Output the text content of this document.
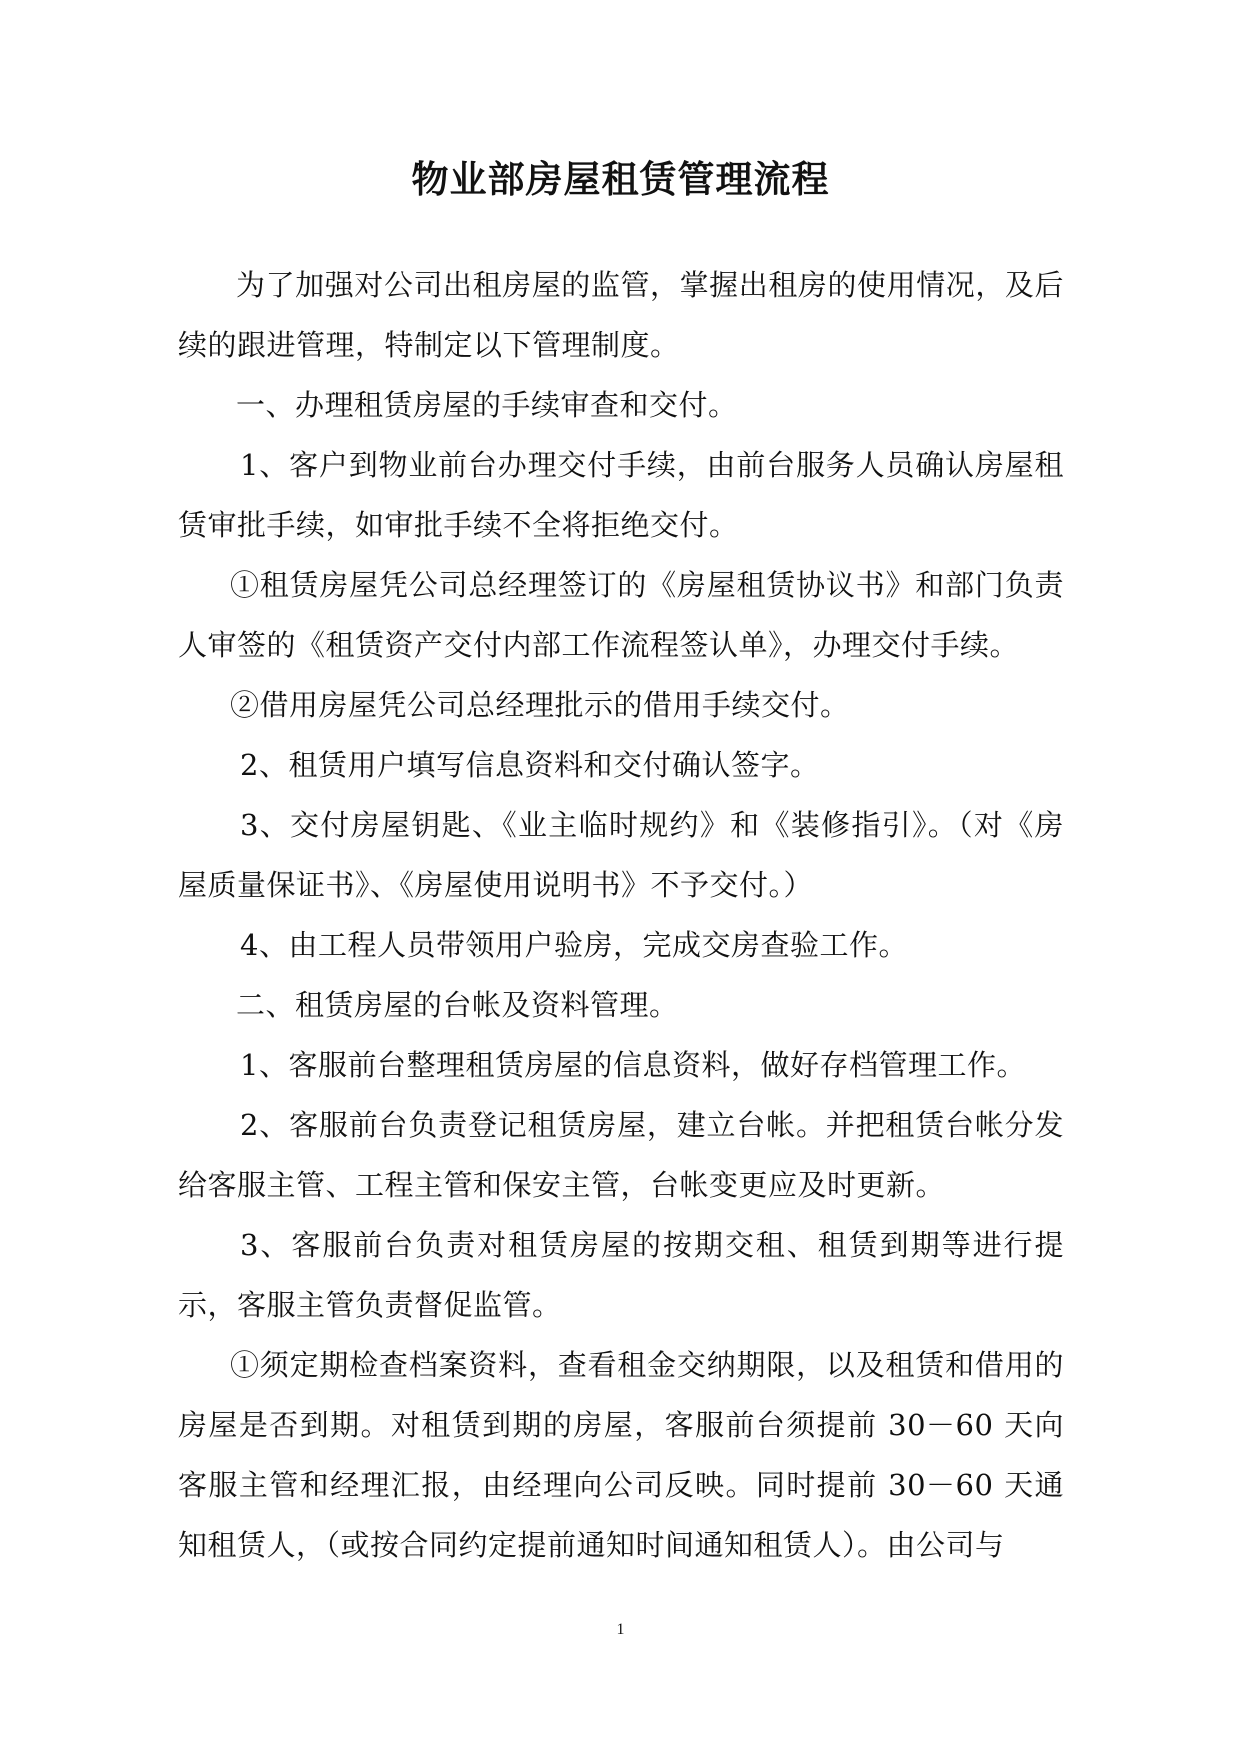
物业部房屋租赁管理流程

为了加强对公司出租房屋的监管，掌握出租房的使用情况，及后续的跟进管理，特制定以下管理制度。

一、办理租赁房屋的手续审查和交付。

1、客户到物业前台办理交付手续，由前台服务人员确认房屋租赁审批手续，如审批手续不全将拒绝交付。

①租赁房屋凭公司总经理签订的《房屋租赁协议书》和部门负责人审签的《租赁资产交付内部工作流程签认单》，办理交付手续。

②借用房屋凭公司总经理批示的借用手续交付。

2、租赁用户填写信息资料和交付确认签字。

3、交付房屋钥匙、《业主临时规约》和《装修指引》。（对《房屋质量保证书》、《房屋使用说明书》不予交付。）

4、由工程人员带领用户验房，完成交房查验工作。

二、租赁房屋的台帐及资料管理。

1、客服前台整理租赁房屋的信息资料，做好存档管理工作。

2、客服前台负责登记租赁房屋，建立台帐。并把租赁台帐分发给客服主管、工程主管和保安主管，台帐变更应及时更新。

3、客服前台负责对租赁房屋的按期交租、租赁到期等进行提示，客服主管负责督促监管。

①须定期检查档案资料，查看租金交纳期限，以及租赁和借用的房屋是否到期。对租赁到期的房屋，客服前台须提前 30－60 天向客服主管和经理汇报，由经理向公司反映。同时提前 30－60 天通知租赁人，（或按合同约定提前通知时间通知租赁人）。由公司与

1
